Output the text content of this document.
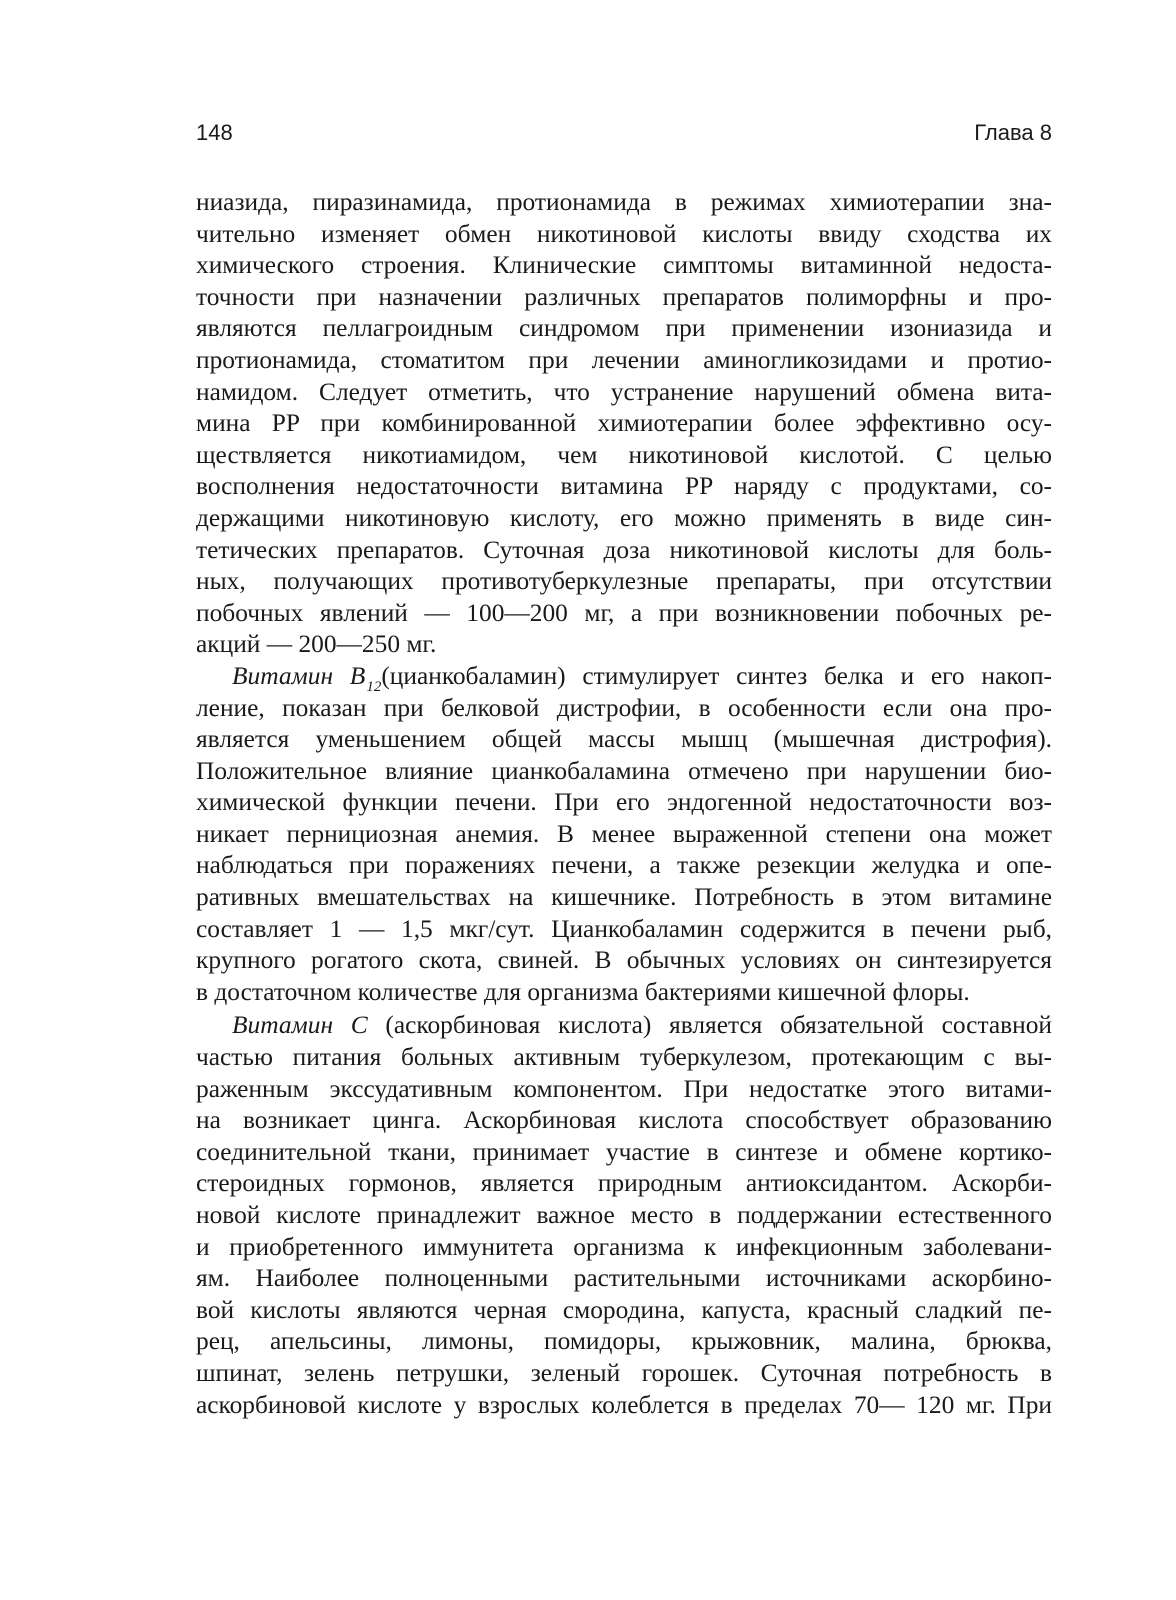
148	Глава 8
ниазида, пиразинамида, протионамида в режимах химиотерапии зна-
чительно изменяет обмен никотиновой кислоты ввиду сходства их
химического строения. Клинические симптомы витаминной недоста-
точности при назначении различных препаратов полиморфны и про-
являются пеллагроидным синдромом при применении изониазида и
протионамида, стоматитом при лечении аминогликозидами и протио-
намидом. Следует отметить, что устранение нарушений обмена вита-
мина PP при комбинированной химиотерапии более эффективно осу-
ществляется никотиамидом, чем никотиновой кислотой. С целью
восполнения недостаточности витамина PP наряду с продуктами, со-
держащими никотиновую кислоту, его можно применять в виде син-
тетических препаратов. Суточная доза никотиновой кислоты для боль-
ных, получающих противотуберкулезные препараты, при отсутствии
побочных явлений — 100—200 мг, а при возникновении побочных ре-
акций — 200—250 мг.
Витамин $B_{12}(цианкобаламин)$ стимулирует синтез белка и его накоп-
ление, показан при белковой дистрофии, в особенности если она про-
является уменьшением общей массы мышц (мышечная дистрофия).
Положительное влияние цианкобаламина отмечено при нарушении био-
химической функции печени. При его эндогенной недостаточности воз-
никает пернициозная анемия. В менее выраженной степени она может
наблюдаться при поражениях печени, а также резекции желудка и опе-
ративных вмешательствах на кишечнике. Потребность в этом витамине
составляет 1 — 1,5 мкг/сут. Цианкобаламин содержится в печени рыб,
крупного рогатого скота, свиней. В обычных условиях он синтезируется
в достаточном количестве для организма бактериями кишечной флоры.
Витамин С (аскорбиновая кислота) является обязательной составной
частью питания больных активным туберкулезом, протекающим с вы-
раженным экссудативным компонентом. При недостатке этого витами-
на возникает цинга. Аскорбиновая кислота способствует образованию
соединительной ткани, принимает участие в синтезе и обмене кортико-
стероидных гормонов, является природным антиоксидантом. Аскорби-
новой кислоте принадлежит важное место в поддержании естественного
и приобретенного иммунитета организма к инфекционным заболевани-
ям. Наиболее полноценными растительными источниками аскорбино-
вой кислоты являются черная смородина, капуста, красный сладкий пе-
рец, апельсины, лимоны, помидоры, крыжовник, малина, брюква,
шпинат, зелень петрушки, зеленый горошек. Суточная потребность в
аскорбиновой кислоте у взрослых колеблется в пределах 70— 120 мг. При
